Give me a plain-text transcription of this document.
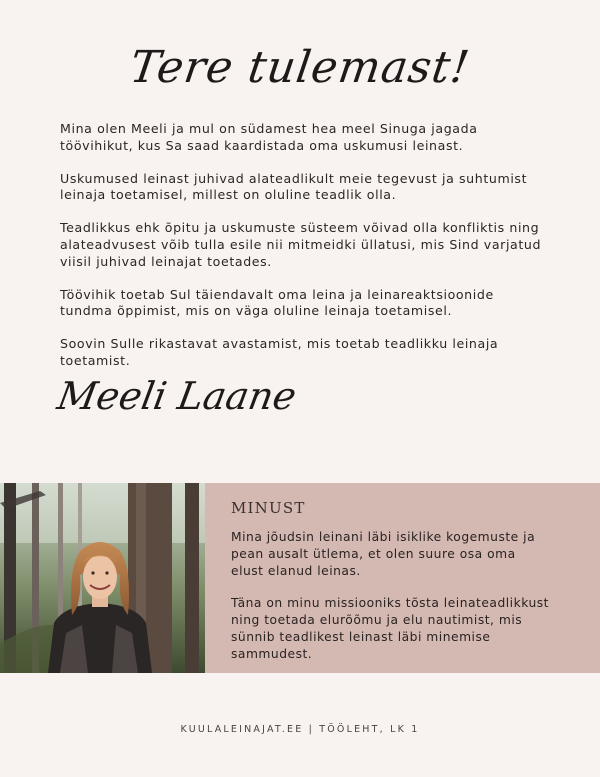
Tere tulemast!

Mina olen Meeli ja mul on südamest hea meel Sinuga jagada töövihikut, kus Sa saad kaardistada oma uskumusi leinast.

Uskumused leinast juhivad alateadlikult meie tegevust ja suhtumist leinaja toetamisel, millest on oluline teadlik olla.

Teadlikkus ehk õpitu ja uskumuste süsteem võivad olla konfliktis ning alateadvusest võib tulla esile nii mitmeidki üllatusi, mis Sind varjatud viisil juhivad leinajat toetades.

Töövihik toetab Sul täiendavalt oma leina ja leinareaktsioonide tundma õppimist, mis on väga oluline leinaja toetamisel.

Soovin Sulle rikastavat avastamist, mis toetab teadlikku leinaja toetamist.

Meeli Laane
MINUST

Mina jõudsin leinani läbi isiklike kogemuste ja pean ausalt ütlema, et olen suure osa oma elust elanud leinas.

Täna on minu missiooniks tõsta leinateadlikkust ning toetada elurõõmu ja elu nautimist, mis sünnib teadlikest leinast läbi minemise sammudest.

KUULALEINAJAT.EE | TÖÖLEHT, LK 1
